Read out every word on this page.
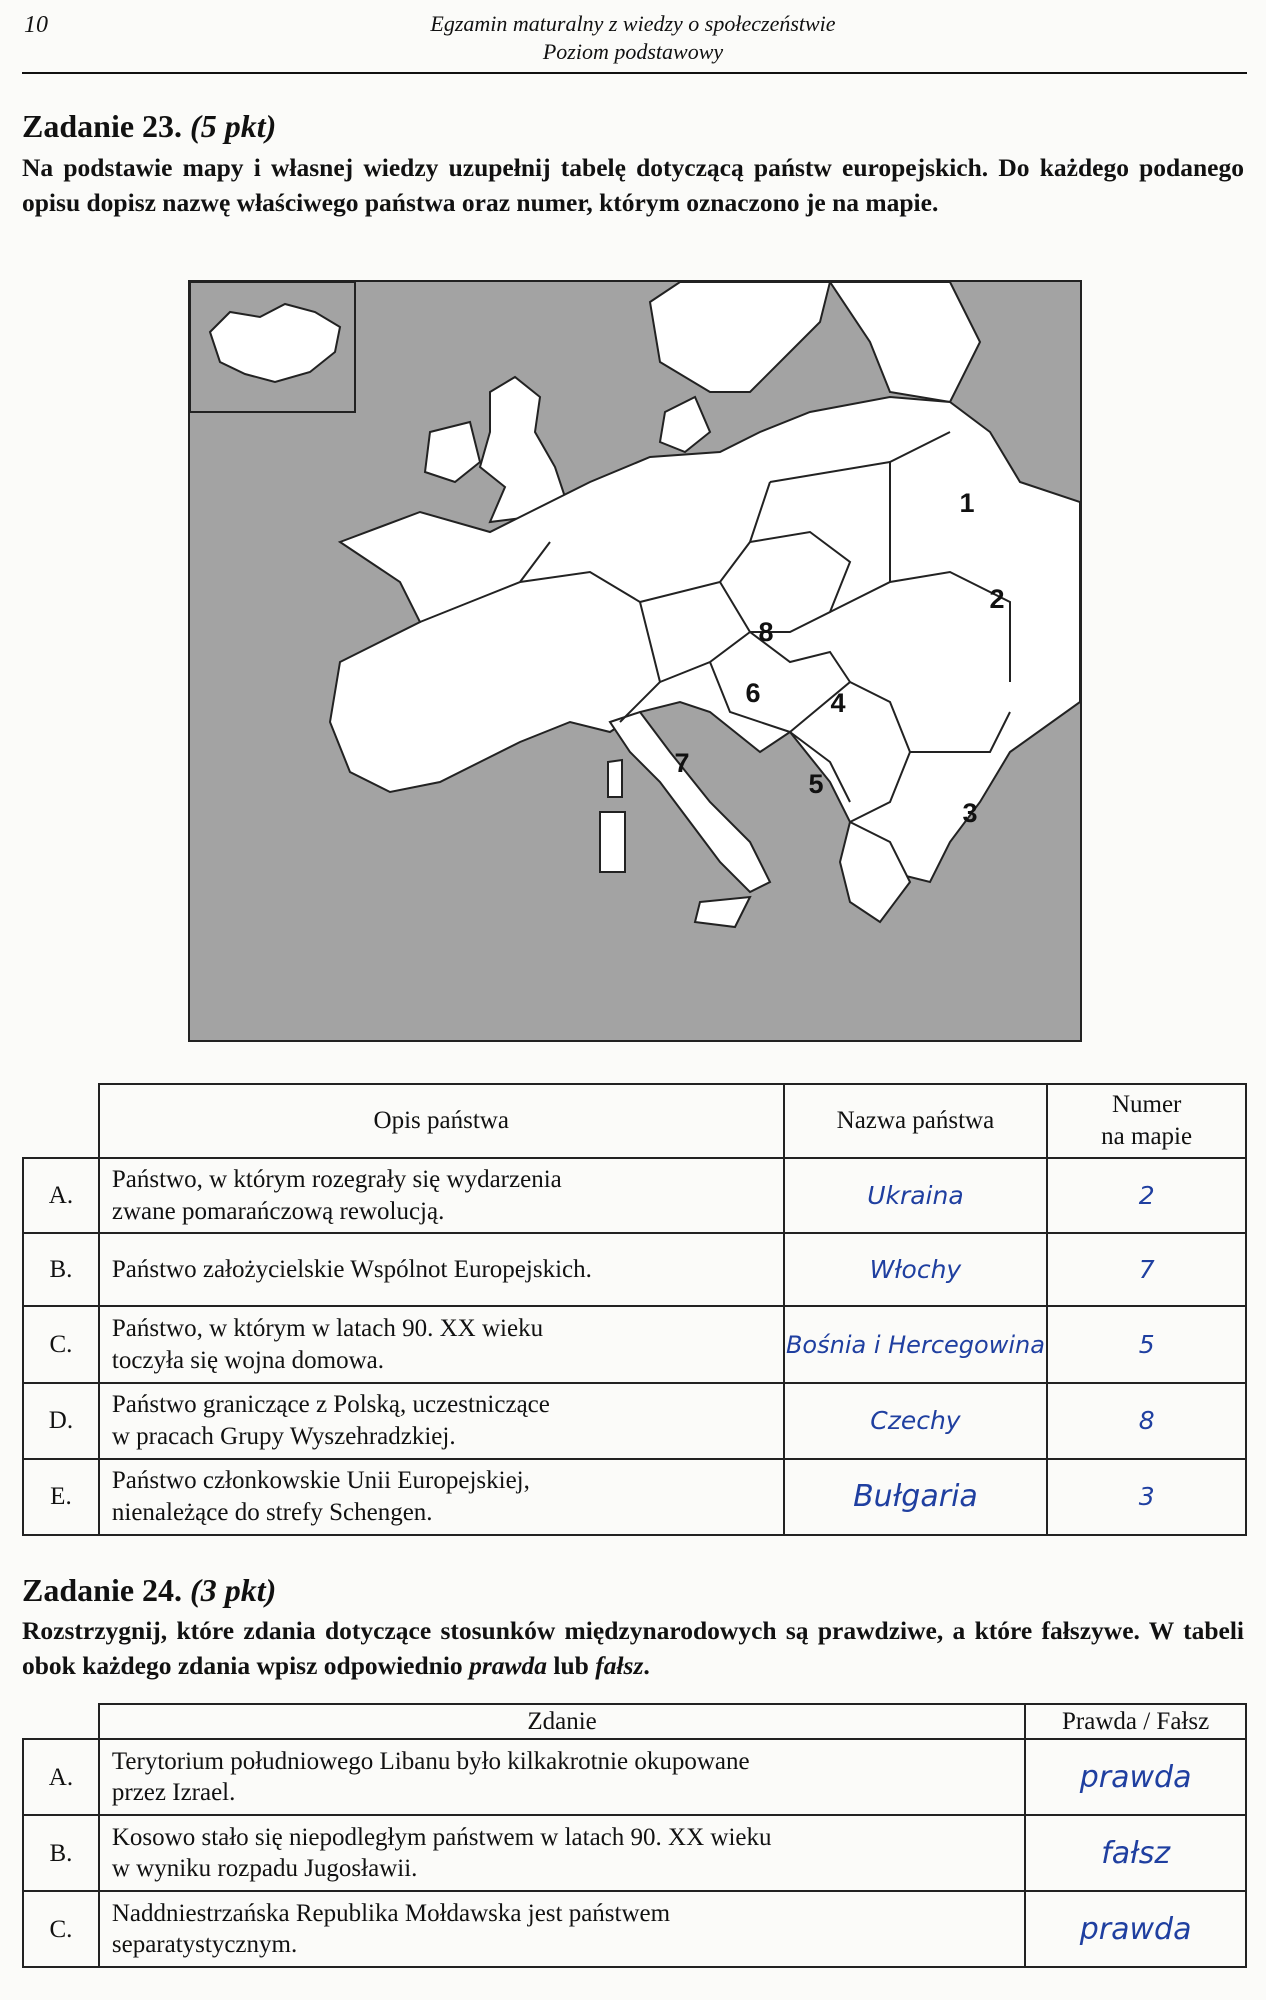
10	Egzamin maturalny z wiedzy o społeczeństwie
Poziom podstawowy
Zadanie 23. (5 pkt)
Na podstawie mapy i własnej wiedzy uzupełnij tabelę dotyczącą państw europejskich. Do każdego podanego opisu dopisz nazwę właściwego państwa oraz numer, którym oznaczono je na mapie.
1
2
3
4
5
6
7
8
	Opis państwa	Nazwa państwa	Numer
na mapie

A.	Państwo, w którym rozegrały się wydarzenia
zwane pomarańczową rewolucją.	Ukraina	2
B.	Państwo założycielskie Wspólnot Europejskich.	Włochy	7
C.	Państwo, w którym w latach 90. XX wieku
toczyła się wojna domowa.	Bośnia i Hercegowina	5
D.	Państwo graniczące z Polską, uczestniczące
w pracach Grupy Wyszehradzkiej.	Czechy	8
E.	Państwo członkowskie Unii Europejskiej,
nienależące do strefy Schengen.	Bułgaria	3
Zadanie 24. (3 pkt)
Rozstrzygnij, które zdania dotyczące stosunków międzynarodowych są prawdziwe, a które fałszywe. W tabeli obok każdego zdania wpisz odpowiednio prawda lub fałsz.
	Zdanie	Prawda / Fałsz
A.	Terytorium południowego Libanu było kilkakrotnie okupowane
przez Izrael.	prawda
B.	Kosowo stało się niepodległym państwem w latach 90. XX wieku
w wyniku rozpadu Jugosławii.	fałsz
C.	Naddniestrzańska Republika Mołdawska jest państwem
separatystycznym.	prawda
